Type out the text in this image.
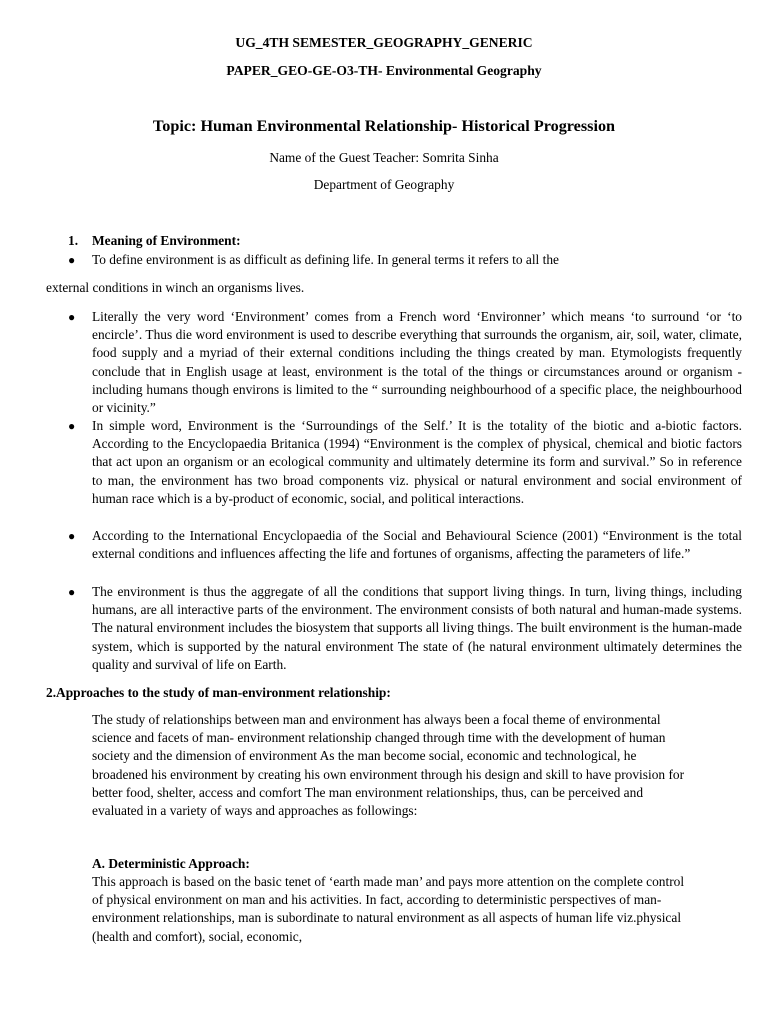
UG_4TH SEMESTER_GEOGRAPHY_GENERIC
PAPER_GEO-GE-O3-TH- Environmental Geography
Topic: Human Environmental Relationship- Historical Progression
Name of the Guest Teacher: Somrita Sinha
Department of Geography
1. Meaning of Environment:
● To define environment is as difficult as defining life. In general terms it refers to all the
external conditions in winch an organisms lives.
● Literally the very word ‘Environment’ comes from a French word ‘Environner’ which means ‘to surround ‘or ‘to encircle’. Thus die word environment is used to describe everything that surrounds the organism, air, soil, water, climate, food supply and a myriad of their external conditions including the things created by man. Etymologists frequently conclude that in English usage at least, environment is the total of the things or circumstances around or organism - including humans though environs is limited to the “ surrounding neighbourhood of a specific place, the neighbourhood or vicinity.”
● In simple word, Environment is the ‘Surroundings of the Self.’ It is the totality of the biotic and a-biotic factors. According to the Encyclopaedia Britanica (1994) “Environment is the complex of physical, chemical and biotic factors that act upon an organism or an ecological community and ultimately determine its form and survival.” So in reference to man, the environment has two broad components viz. physical or natural environment and social environment of human race which is a by-product of economic, social, and political interactions.
● According to the International Encyclopaedia of the Social and Behavioural Science (2001) “Environment is the total external conditions and influences affecting the life and fortunes of organisms, affecting the parameters of life.”
● The environment is thus the aggregate of all the conditions that support living things. In turn, living things, including humans, are all interactive parts of the environment. The environment consists of both natural and human-made systems. The natural environment includes the biosystem that supports all living things. The built environment is the human-made system, which is supported by the natural environment The state of (he natural environment ultimately determines the quality and survival of life on Earth.
2.Approaches to the study of man-environment relationship:
The study of relationships between man and environment has always been a focal theme of environmental science and facets of man- environment relationship changed through time with the development of human society and the dimension of environment As the man become social, economic and technological, he broadened his environment by creating his own environment through his design and skill to have provision for better food, shelter, access and comfort The man environment relationships, thus, can be perceived and evaluated in a variety of ways and approaches as followings:
A. Deterministic Approach:
This approach is based on the basic tenet of ‘earth made man’ and pays more attention on the complete control of physical environment on man and his activities. In fact, according to deterministic perspectives of man-environment relationships, man is subordinate to natural environment as all aspects of human life viz.physical (health and comfort), social, economic,
